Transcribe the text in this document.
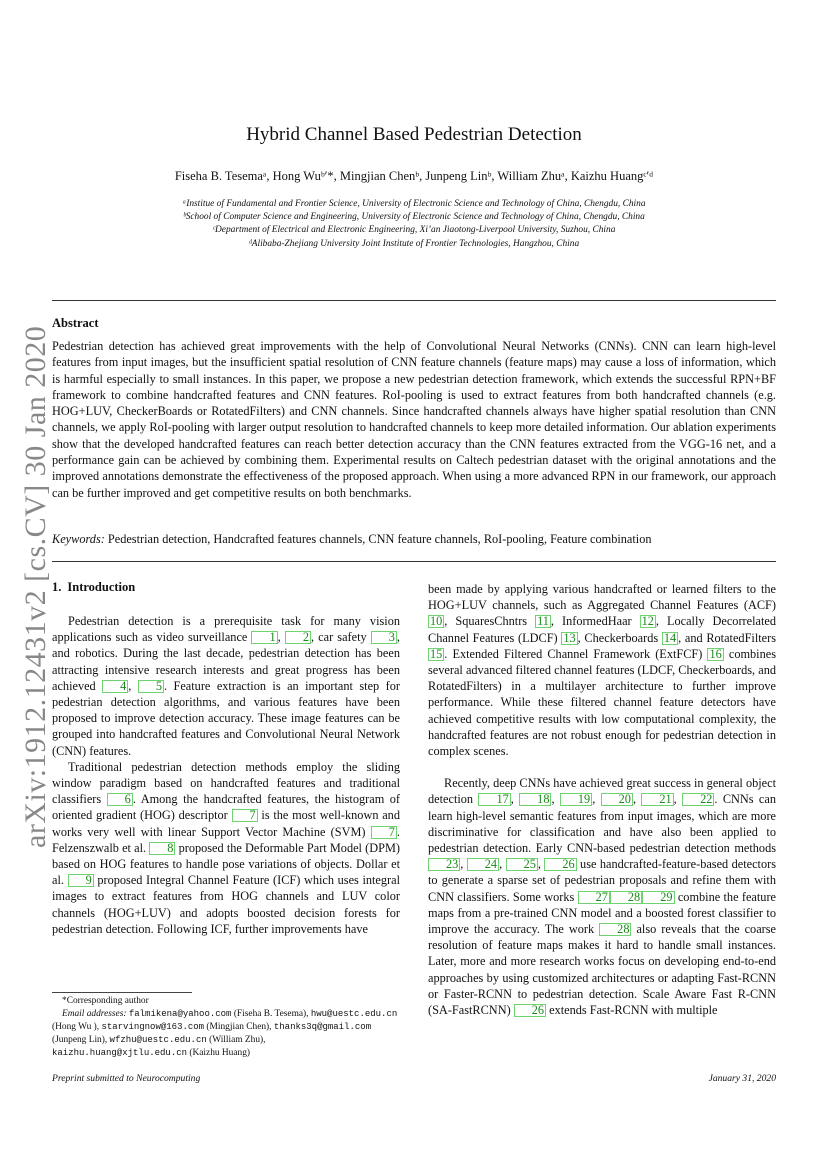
arXiv:1912.12431v2 [cs.CV] 30 Jan 2020
Hybrid Channel Based Pedestrian Detection
Fiseha B. Tesemaᵃ, Hong Wuᵇ′*, Mingjian Chenᵇ, Junpeng Linᵇ, William Zhuᵃ, Kaizhu Huangᶜ′ᵈ
ᵃInstitue of Fundamental and Frontier Science, University of Electronic Science and Technology of China, Chengdu, China
ᵇSchool of Computer Science and Engineering, University of Electronic Science and Technology of China, Chengdu, China
ᶜDepartment of Electrical and Electronic Engineering, Xi’an Jiaotong-Liverpool University, Suzhou, China
ᵈAlibaba-Zhejiang University Joint Institute of Frontier Technologies, Hangzhou, China
Abstract
Pedestrian detection has achieved great improvements with the help of Convolutional Neural Networks (CNNs). CNN can learn high-level features from input images, but the insufficient spatial resolution of CNN feature channels (feature maps) may cause a loss of information, which is harmful especially to small instances. In this paper, we propose a new pedestrian detection framework, which extends the successful RPN+BF framework to combine handcrafted features and CNN features. RoI-pooling is used to extract features from both handcrafted channels (e.g. HOG+LUV, CheckerBoards or RotatedFilters) and CNN channels. Since handcrafted channels always have higher spatial resolution than CNN channels, we apply RoI-pooling with larger output resolution to handcrafted channels to keep more detailed information. Our ablation experiments show that the developed handcrafted features can reach better detection accuracy than the CNN features extracted from the VGG-16 net, and a performance gain can be achieved by combining them. Experimental results on Caltech pedestrian dataset with the original annotations and the improved annotations demonstrate the effectiveness of the proposed approach. When using a more advanced RPN in our framework, our approach can be further improved and get competitive results on both benchmarks.
Keywords: Pedestrian detection, Handcrafted features channels, CNN feature channels, RoI-pooling, Feature combination
1. Introduction

Pedestrian detection is a prerequisite task for many vision applications such as video surveillance 1 , 2 , car safety 3 , and robotics. During the last decade, pedestrian detection has been attracting intensive research interests and great progress has been achieved 4 , 5 . Feature extraction is an important step for pedestrian detection algorithms, and various features have been proposed to improve detection accuracy. These image features can be grouped into handcrafted features and Convolutional Neural Network (CNN) features.

Traditional pedestrian detection methods employ the sliding window paradigm based on handcrafted features and traditional classifiers 6 . Among the handcrafted features, the histogram of oriented gradient (HOG) descriptor 7 is the most well-known and works very well with linear Support Vector Machine (SVM) 7 . Felzenszwalb et al. 8 proposed the Deformable Part Model (DPM) based on HOG features to handle pose variations of objects. Dollar et al. 9 proposed Integral Channel Feature (ICF) which uses integral images to extract features from HOG channels and LUV color channels (HOG+LUV) and adopts boosted decision forests for pedestrian detection. Following ICF, further improvements have

been made by applying various handcrafted or learned filters to the HOG+LUV channels, such as Aggregated Channel Features (ACF) 10 , SquaresChntrs 11 , InformedHaar 12 , Locally Decorrelated Channel Features (LDCF) 13 , Checkerboards 14 , and RotatedFilters 15 . Extended Filtered Channel Framework (ExtFCF) 16 combines several advanced filtered channel features (LDCF, Checkerboards, and RotatedFilters) in a multilayer architecture to further improve performance. While these filtered channel feature detectors have achieved competitive results with low computational complexity, the handcrafted features are not robust enough for pedestrian detection in complex scenes.

Recently, deep CNNs have achieved great success in general object detection 17 , 18 , 19 , 20 , 21 , 22 . CNNs can learn high-level semantic features from input images, which are more discriminative for classification and have also been applied to pedestrian detection. Early CNN-based pedestrian detection methods 23 , 24 , 25 , 26 use handcrafted-feature-based detectors to generate a sparse set of pedestrian proposals and refine them with CNN classifiers. Some works 27 28 29 combine the feature maps from a pre-trained CNN model and a boosted forest classifier to improve the accuracy. The work 28 also reveals that the coarse resolution of feature maps makes it hard to handle small instances. Later, more and more research works focus on developing end-to-end approaches by using customized architectures or adapting Fast-RCNN or Faster-RCNN to pedestrian detection. Scale Aware Fast R-CNN (SA-FastRCNN) 26 extends Fast-RCNN with multiple

*Corresponding author
Email addresses: falmikena@yahoo.com (Fiseha B. Tesema), hwu@uestc.edu.cn (Hong Wu ), starvingnow@163.com (Mingjian Chen), thanks3q@gmail.com (Junpeng Lin), wfzhu@uestc.edu.cn (William Zhu), kaizhu.huang@xjtlu.edu.cn (Kaizhu Huang)
Preprint submitted to Neurocomputing	January 31, 2020
